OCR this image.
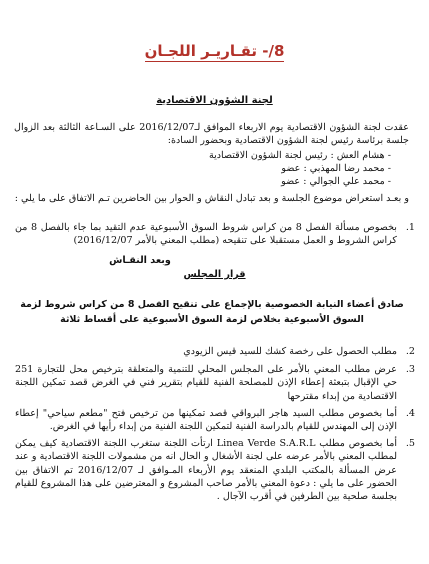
8/- تقـاريـر اللجـان
لجنة الشؤون الاقتصادية
عقدت لجنة الشؤون الاقتصادية يوم الاربعاء الموافق لـ2016/12/07 على السـاعة الثالثة بعد الزوال جلسة برئاسة رئيس لجنة الشؤون الاقتصادية وبحضور السادة:
- هشام العش : رئيس لجنة الشؤون الاقتصادية
- محمد رضا المهذبي : عضو
- محمد علي الجوالي : عضو
و بعـد استعراض موضوع الجلسة و بعد تبادل النقاش و الحوار بين الحاضرين تـم الاتفاق على ما يلي :
1.
بخصوص مسألة الفصل 8 من كراس شروط السوق الأسبوعية عدم التقيد بما جاء بالفصل 8 من كراس الشروط و العمل مستقبلا على تنقيحه (مطلب المعني بالأمر 2016/12/07)
وبعد النقـاش
قرار المجلس
صادق أعضاء النيابة الخصوصية بالإجماع على تنقيح الفصل 8 من كراس شروط لزمة السوق الأسبوعية بخلاص لزمة السوق الأسبوعية على أقساط ثلاثة
2.
مطلب الحصول على رخصة كشك للسيد قيس الزيودي
3.
عرض مطلب المعني بالأمر على المجلس المحلي للتنمية والمتعلقة بترخيص محل للتجارة 251 حي الإقبال بتبعثة إعطاء الإذن للمصلحة الفنية للقيام بتقرير فني في الغرض قصد تمكين اللجنة الاقتصادية من إبداء مقترحها
4.
أما بخصوص مطلب السيد هاجر البرواقي قصد تمكينها من ترخيص فتح "مطعم سياحي" إعطاء الإذن إلى المهندس للقيام بالدراسة الفنية لتمكين اللجنة الفنية من إبداء رأيها في الغرض.
5.
أما بخصوص مطلب Linea Verde S.A.R.L ارتأت اللجنة ستغرب اللجنة الاقتصادية كيف يمكن لمطلب المعني بالأمر عرضه على لجنة الأشغال و الحال انه من مشمولات اللجنة الاقتصادية و عند عرض المسألة بالمكتب البلدي المنعقد يوم الأربعاء المـوافق لـ 2016/12/07 تم الاتفاق بين الحضور على ما يلي : دعوة المعني بالأمر صاحب المشروع و المعترضين على هذا المشروع للقيام بجلسة صلحية بين الطرفين في أقرب الآجال .
